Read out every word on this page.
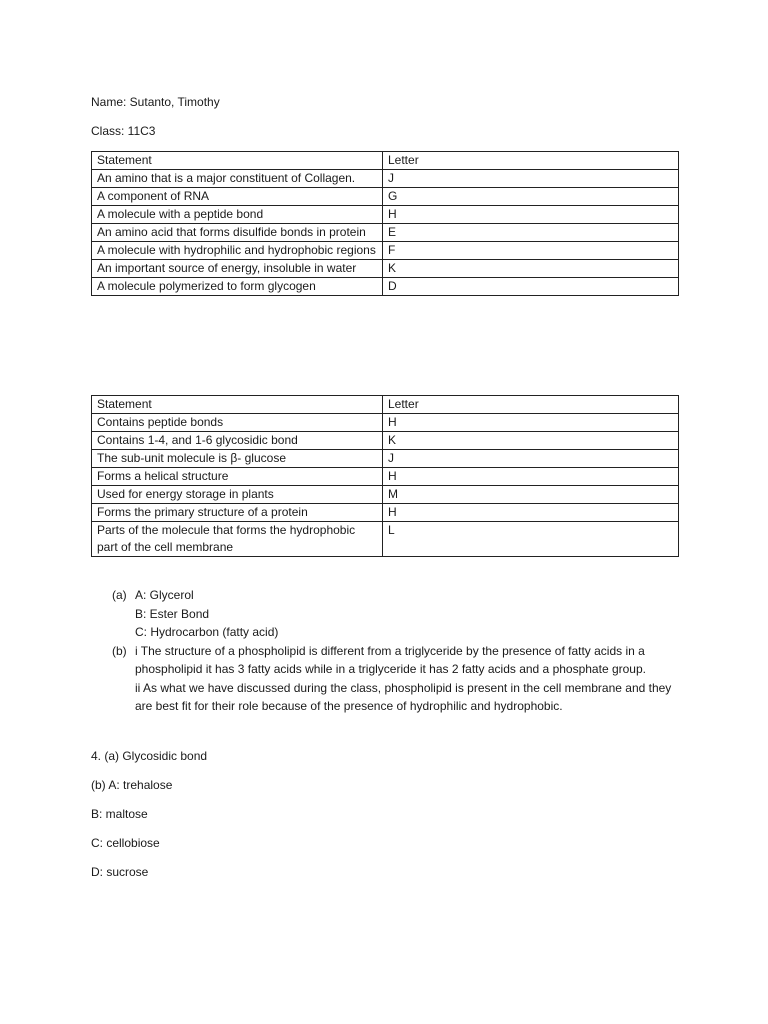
Name: Sutanto, Timothy
Class: 11C3
Statement	Letter
An amino that is a major constituent of Collagen.	J
A component of RNA	G
A molecule with a peptide bond	H
An amino acid that forms disulfide bonds in protein	E
A molecule with hydrophilic and hydrophobic regions	F
An important source of energy, insoluble in water	K
A molecule polymerized to form glycogen	D
Statement	Letter
Contains peptide bonds	H
Contains 1-4, and 1-6 glycosidic bond	K
The sub-unit molecule is β- glucose	J
Forms a helical structure	H
Used for energy storage in plants	M
Forms the primary structure of a protein	H
Parts of the molecule that forms the hydrophobic part of the cell membrane	L
(a) A: Glycerol
B: Ester Bond
C: Hydrocarbon (fatty acid)
(b) i The structure of a phospholipid is different from a triglyceride by the presence of fatty acids in a phospholipid it has 3 fatty acids while in a triglyceride it has 2 fatty acids and a phosphate group.
ii As what we have discussed during the class, phospholipid is present in the cell membrane and they are best fit for their role because of the presence of hydrophilic and hydrophobic.
4. (a) Glycosidic bond
(b) A: trehalose
B: maltose
C: cellobiose
D: sucrose
